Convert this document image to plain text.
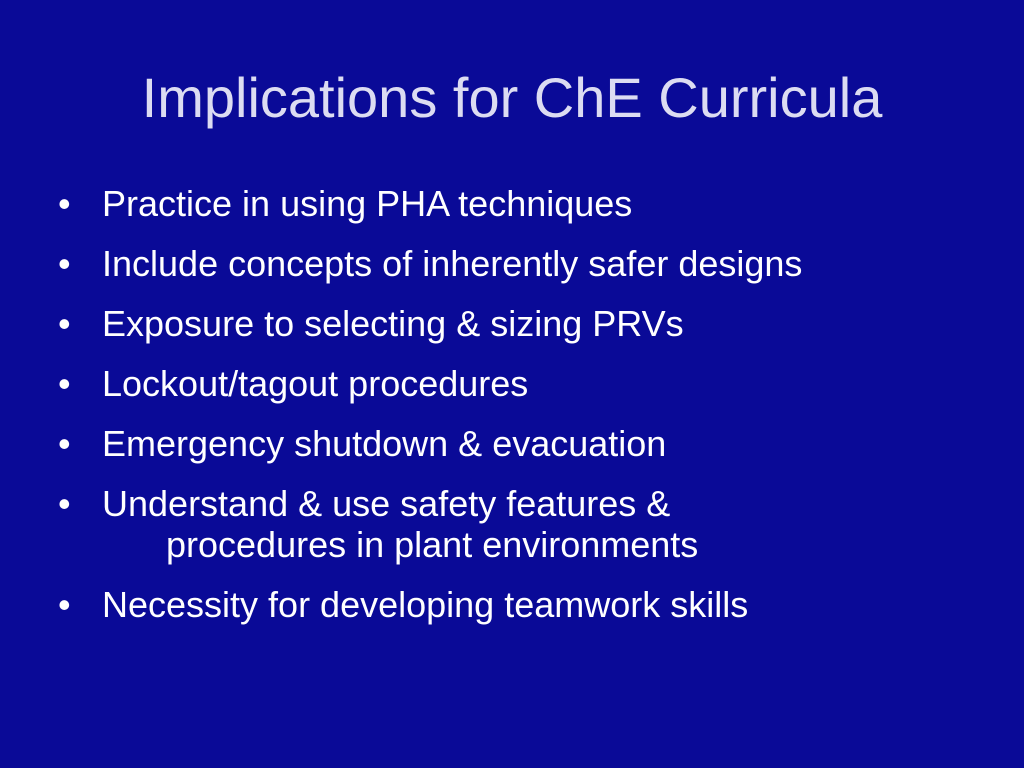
Implications for ChE Curricula
• Practice in using PHA techniques
• Include concepts of inherently safer designs
• Exposure to selecting & sizing PRVs
• Lockout/tagout procedures
• Emergency shutdown & evacuation
• Understand & use safety features &
procedures in plant environments
• Necessity for developing teamwork skills
